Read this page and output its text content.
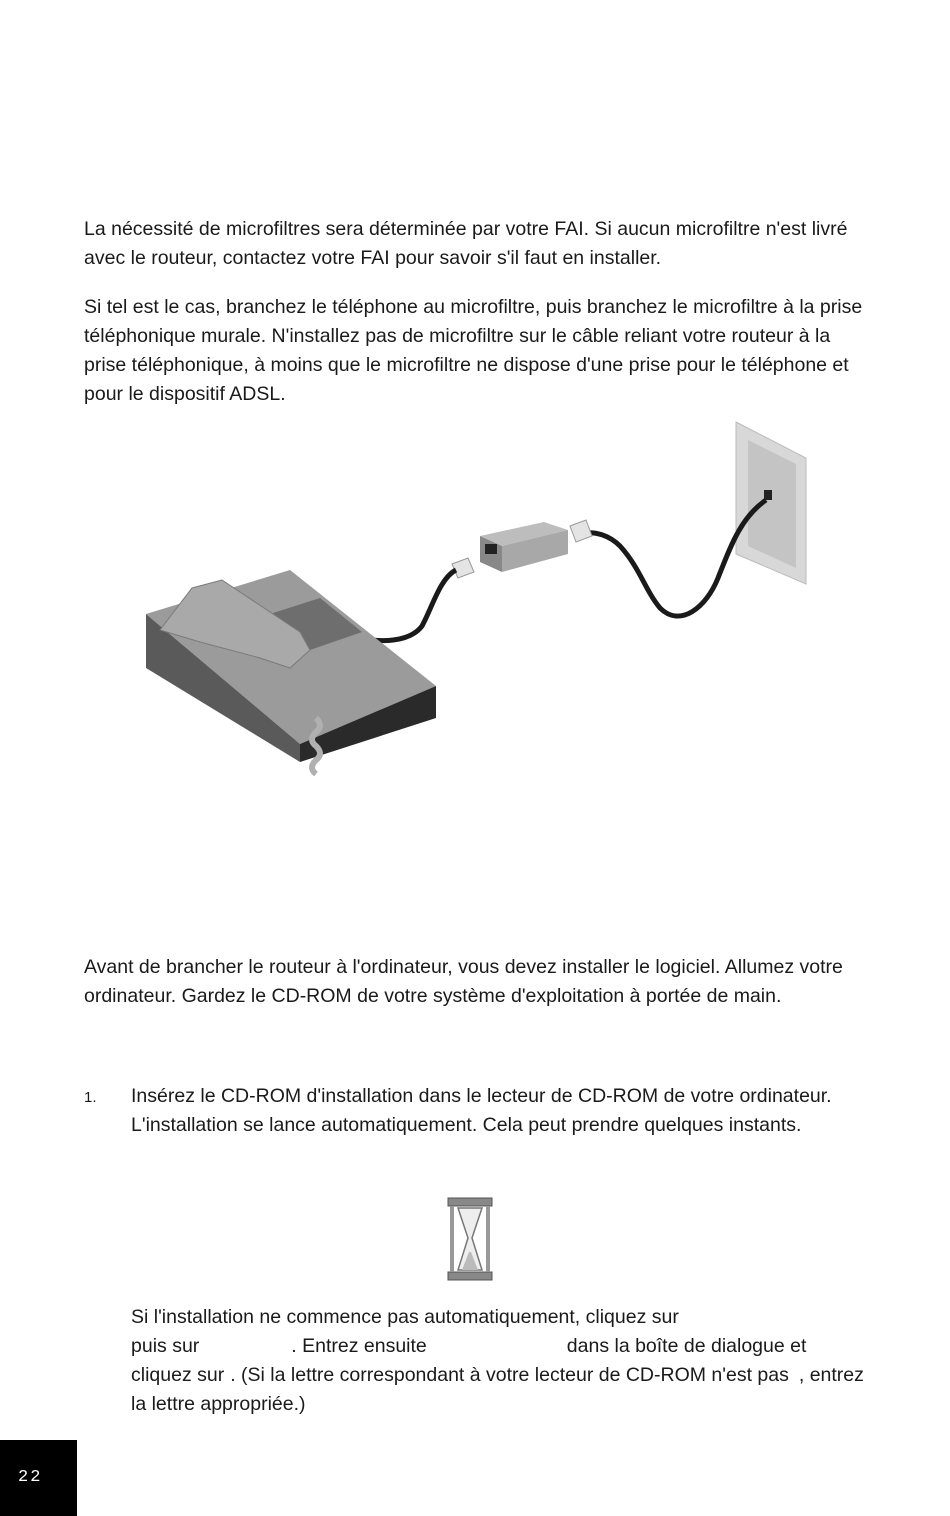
La nécessité de microfiltres sera déterminée par votre FAI. Si aucun microfiltre n'est livré avec le routeur, contactez votre FAI pour savoir s'il faut en installer.

Si tel est le cas, branchez le téléphone au microfiltre, puis branchez le microfiltre à la prise téléphonique murale. N'installez pas de microfiltre sur le câble reliant votre routeur à la prise téléphonique, à moins que le microfiltre ne dispose d'une prise pour le téléphone et pour le dispositif ADSL.

Avant de brancher le routeur à l'ordinateur, vous devez installer le logiciel. Allumez votre ordinateur. Gardez le CD-ROM de votre système d'exploitation à portée de main.

1. Insérez le CD-ROM d'installation dans le lecteur de CD-ROM de votre ordinateur. L'installation se lance automatiquement. Cela peut prendre quelques instants.

Si l'installation ne commence pas automatiquement, cliquez sur
puis sur	. Entrez ensuite	dans la boîte de dialogue et cliquez sur . (Si la lettre correspondant à votre lecteur de CD-ROM n'est pas , entrez la lettre appropriée.)

22
